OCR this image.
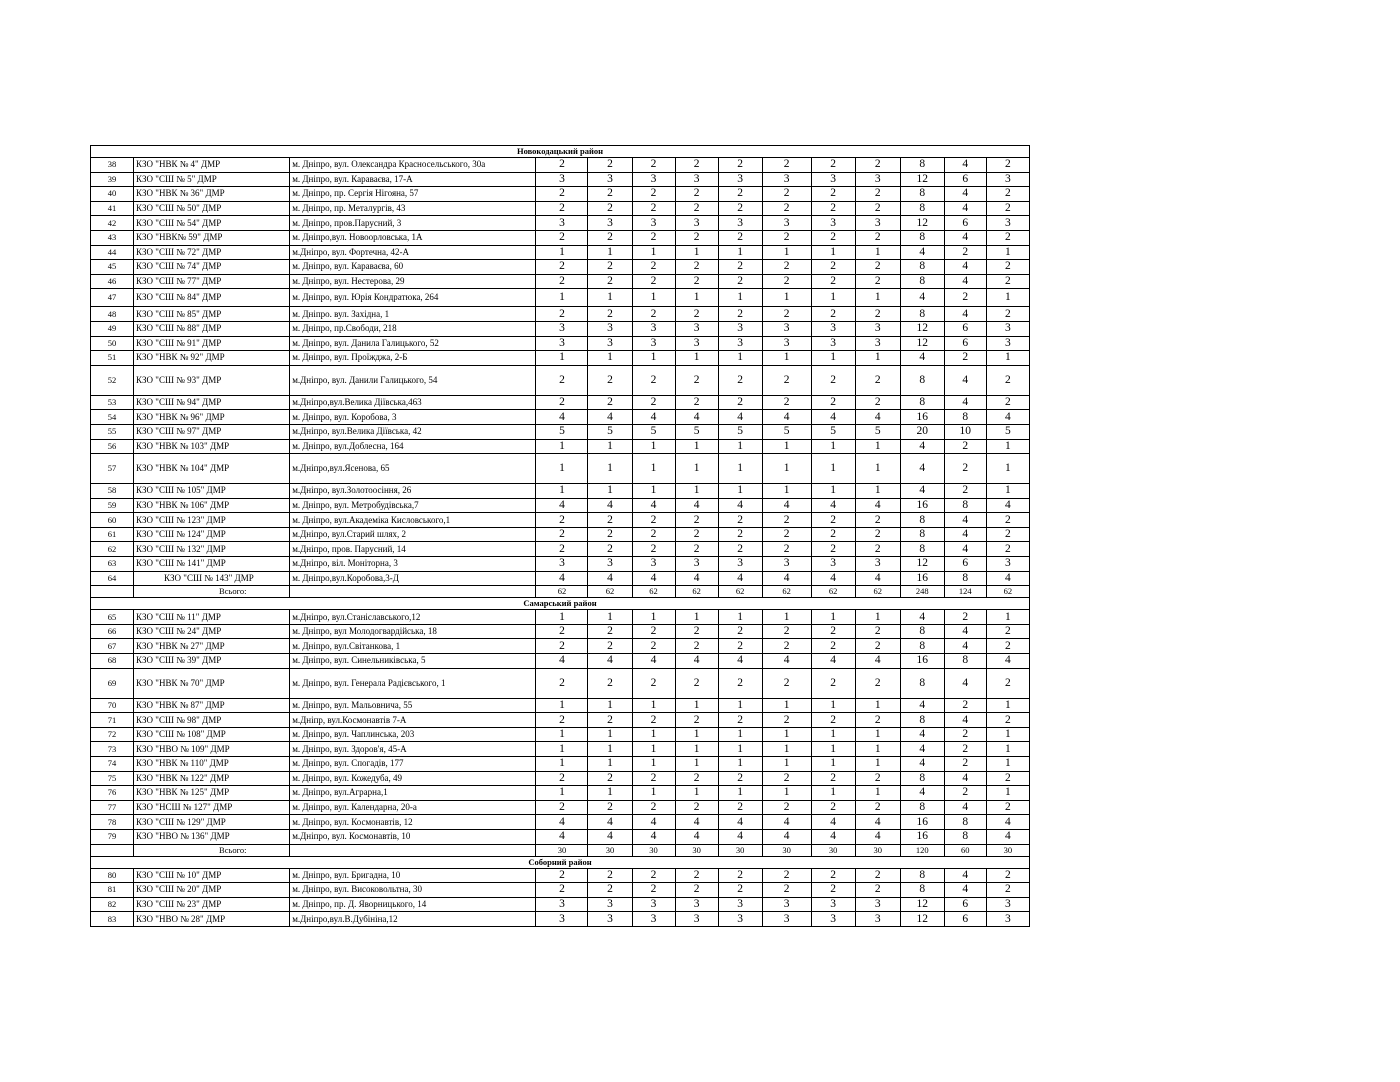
Новокодацький район													
38	КЗО "НВК № 4" ДМР	м. Дніпро, вул. Олександра Красносельського, 30а	2	2	2	2	2	2	2	2	8	4	2
39	КЗО "СШ № 5" ДМР	м. Дніпро, вул. Караваєва, 17-А	3	3	3	3	3	3	3	3	12	6	3
40	КЗО "НВК № 36" ДМР	м. Дніпро, пр. Сергія Нігояна, 57	2	2	2	2	2	2	2	2	8	4	2
41	КЗО "СШ № 50" ДМР	м. Дніпро, пр. Металургів, 43	2	2	2	2	2	2	2	2	8	4	2
42	КЗО "СШ № 54" ДМР	м. Дніпро, пров.Парусний, 3	3	3	3	3	3	3	3	3	12	6	3
43	КЗО "НВК№ 59" ДМР	м. Дніпро,вул. Новоорловська, 1А	2	2	2	2	2	2	2	2	8	4	2
44	КЗО "СШ № 72" ДМР	м.Дніпро, вул. Фортечна, 42-А	1	1	1	1	1	1	1	1	4	2	1
45	КЗО "СШ № 74" ДМР	м. Дніпро, вул. Караваєва, 60	2	2	2	2	2	2	2	2	8	4	2
46	КЗО "СШ № 77" ДМР	м. Дніпро, вул. Нестерова, 29	2	2	2	2	2	2	2	2	8	4	2
47	КЗО "СШ № 84" ДМР	м. Дніпро, вул. Юрія Кондратюка, 264	1	1	1	1	1	1	1	1	4	2	1
48	КЗО "СШ № 85" ДМР	м. Дніпро. вул. Західна, 1	2	2	2	2	2	2	2	2	8	4	2
49	КЗО "СШ № 88" ДМР	м. Дніпро, пр.Свободи, 218	3	3	3	3	3	3	3	3	12	6	3
50	КЗО "СШ № 91" ДМР	м. Дніпро, вул. Данила Галицького, 52	3	3	3	3	3	3	3	3	12	6	3
51	КЗО "НВК № 92" ДМР	м. Дніпро, вул. Проїжджа, 2-Б	1	1	1	1	1	1	1	1	4	2	1
52	КЗО "СШ № 93" ДМР	м.Дніпро, вул. Данили Галицького, 54	2	2	2	2	2	2	2	2	8	4	2
53	КЗО "СШ № 94" ДМР	м.Дніпро,вул.Велика Діївська,463	2	2	2	2	2	2	2	2	8	4	2
54	КЗО "НВК № 96" ДМР	м. Дніпро, вул. Коробова, 3	4	4	4	4	4	4	4	4	16	8	4
55	КЗО "СШ № 97" ДМР	м.Дніпро, вул.Велика Діївська, 42	5	5	5	5	5	5	5	5	20	10	5
56	КЗО "НВК № 103" ДМР	м. Дніпро, вул.Доблесна, 164	1	1	1	1	1	1	1	1	4	2	1
57	КЗО "НВК № 104" ДМР	м.Дніпро,вул.Ясенова, 65	1	1	1	1	1	1	1	1	4	2	1
58	КЗО "СШ № 105" ДМР	м.Дніпро, вул.Золотоосіння, 26	1	1	1	1	1	1	1	1	4	2	1
59	КЗО "НВК № 106" ДМР	м. Дніпро, вул. Метробудівська,7	4	4	4	4	4	4	4	4	16	8	4
60	КЗО "СШ № 123" ДМР	м. Дніпро, вул.Академіка Кисловського,1	2	2	2	2	2	2	2	2	8	4	2
61	КЗО "СШ № 124" ДМР	м.Дніпро, вул.Старий шлях, 2	2	2	2	2	2	2	2	2	8	4	2
62	КЗО "СШ № 132" ДМР	м.Дніпро, пров. Парусний, 14	2	2	2	2	2	2	2	2	8	4	2
63	КЗО "СШ № 141" ДМР	м.Дніпро, віл. Моніторна, 3	3	3	3	3	3	3	3	3	12	6	3
64	КЗО "СШ № 143" ДМР	м. Дніпро,вул.Коробова,3-Д	4	4	4	4	4	4	4	4	16	8	4
	Всього:		62	62	62	62	62	62	62	62	248	124	62
Самарський район													
65	КЗО "СШ № 11" ДМР	м.Дніпро, вул.Станіславського,12	1	1	1	1	1	1	1	1	4	2	1
66	КЗО "СШ № 24" ДМР	м. Дніпро, вул Молодогвардійська, 18	2	2	2	2	2	2	2	2	8	4	2
67	КЗО "НВК № 27" ДМР	м. Дніпро, вул.Світанкова, 1	2	2	2	2	2	2	2	2	8	4	2
68	КЗО "СШ № 39" ДМР	м. Дніпро, вул. Синельниківська, 5	4	4	4	4	4	4	4	4	16	8	4
69	КЗО "НВК № 70" ДМР	м. Дніпро, вул. Генерала Радієвського, 1	2	2	2	2	2	2	2	2	8	4	2
70	КЗО "НВК № 87" ДМР	м. Дніпро, вул. Мальовнича, 55	1	1	1	1	1	1	1	1	4	2	1
71	КЗО "СШ № 98" ДМР	м.Дніпр, вул.Космонавтів 7-А	2	2	2	2	2	2	2	2	8	4	2
72	КЗО "СШ № 108" ДМР	м. Дніпро, вул. Чаплинська, 203	1	1	1	1	1	1	1	1	4	2	1
73	КЗО "НВО № 109" ДМР	м. Дніпро, вул. Здоров'я, 45-А	1	1	1	1	1	1	1	1	4	2	1
74	КЗО "НВК № 110" ДМР	м. Дніпро, вул. Спогадів, 177	1	1	1	1	1	1	1	1	4	2	1
75	КЗО "НВК № 122" ДМР	м. Дніпро, вул. Кожедуба, 49	2	2	2	2	2	2	2	2	8	4	2
76	КЗО "НВК № 125" ДМР	м. Дніпро, вул.Аграрна,1	1	1	1	1	1	1	1	1	4	2	1
77	КЗО "НСШ № 127" ДМР	м. Дніпро, вул. Календарна, 20-а	2	2	2	2	2	2	2	2	8	4	2
78	КЗО "СШ № 129" ДМР	м. Дніпро, вул. Космонавтів, 12	4	4	4	4	4	4	4	4	16	8	4
79	КЗО "НВО № 136" ДМР	м.Дніпро, вул. Космонавтів, 10	4	4	4	4	4	4	4	4	16	8	4
	Всього:		30	30	30	30	30	30	30	30	120	60	30
Соборний район													
80	КЗО "СШ № 10" ДМР	м. Дніпро, вул. Бригадна, 10	2	2	2	2	2	2	2	2	8	4	2
81	КЗО "СШ № 20" ДМР	м. Дніпро, вул. Високовольтна, 30	2	2	2	2	2	2	2	2	8	4	2
82	КЗО "СШ № 23" ДМР	м. Дніпро, пр. Д. Яворницького, 14	3	3	3	3	3	3	3	3	12	6	3
83	КЗО "НВО № 28" ДМР	м.Дніпро,вул.В.Дубініна,12	3	3	3	3	3	3	3	3	12	6	3
